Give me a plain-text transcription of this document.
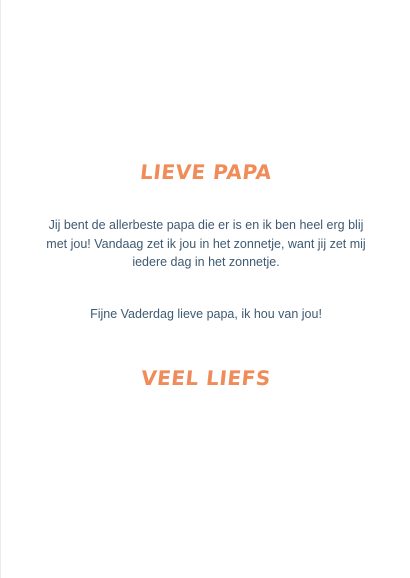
LIEVE PAPA
Jij bent de allerbeste papa die er is en ik ben heel erg blij met jou! Vandaag zet ik jou in het zonnetje, want jij zet mij iedere dag in het zonnetje.
Fijne Vaderdag lieve papa, ik hou van jou!
VEEL LIEFS
